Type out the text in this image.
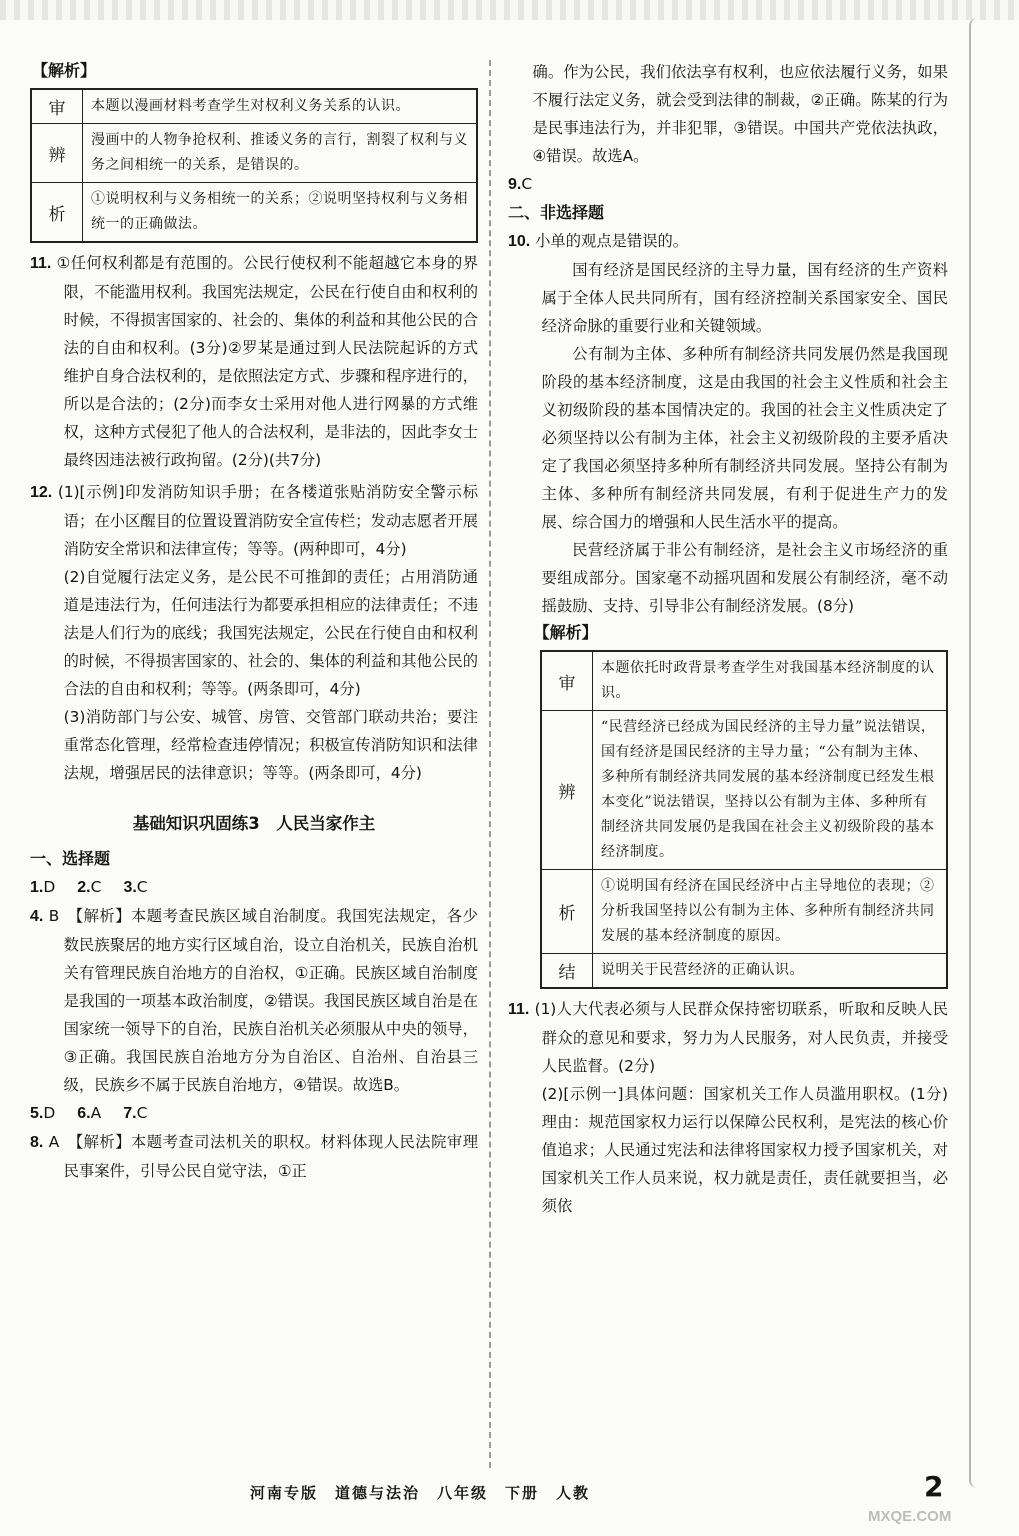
【解析】
审	本题以漫画材料考查学生对权利义务关系的认识。
辨	漫画中的人物争抢权利、推诿义务的言行，割裂了权利与义务之间相统一的关系，是错误的。
析	①说明权利与义务相统一的关系；②说明坚持权利与义务相统一的正确做法。

11. ①任何权利都是有范围的。公民行使权利不能超越它本身的界限，不能滥用权利。我国宪法规定，公民在行使自由和权利的时候，不得损害国家的、社会的、集体的利益和其他公民的合法的自由和权利。(3分)②罗某是通过到人民法院起诉的方式维护自身合法权利的，是依照法定方式、步骤和程序进行的，所以是合法的；(2分)而李女士采用对他人进行网暴的方式维权，这种方式侵犯了他人的合法权利，是非法的，因此李女士最终因违法被行政拘留。(2分)(共7分)

12. (1)[示例]印发消防知识手册；在各楼道张贴消防安全警示标语；在小区醒目的位置设置消防安全宣传栏；发动志愿者开展消防安全常识和法律宣传；等等。(两种即可，4分)

(2)自觉履行法定义务，是公民不可推卸的责任；占用消防通道是违法行为，任何违法行为都要承担相应的法律责任；不违法是人们行为的底线；我国宪法规定，公民在行使自由和权利的时候，不得损害国家的、社会的、集体的利益和其他公民的合法的自由和权利；等等。(两条即可，4分)

(3)消防部门与公安、城管、房管、交管部门联动共治；要注重常态化管理，经常检查违停情况；积极宣传消防知识和法律法规，增强居民的法律意识；等等。(两条即可，4分)

基础知识巩固练3　人民当家作主

一、选择题

1.D 2.C 3.C

4. B　【解析】本题考查民族区域自治制度。我国宪法规定，各少数民族聚居的地方实行区域自治，设立自治机关，民族自治机关有管理民族自治地方的自治权，①正确。民族区域自治制度是我国的一项基本政治制度，②错误。我国民族区域自治是在国家统一领导下的自治，民族自治机关必须服从中央的领导，③正确。我国民族自治地方分为自治区、自治州、自治县三级，民族乡不属于民族自治地方，④错误。故选B。

5.D 6.A 7.C

8. A　【解析】本题考查司法机关的职权。材料体现人民法院审理民事案件，引导公民自觉守法，①正

确。作为公民，我们依法享有权利，也应依法履行义务，如果不履行法定义务，就会受到法律的制裁，②正确。陈某的行为是民事违法行为，并非犯罪，③错误。中国共产党依法执政，④错误。故选A。

9.C

二、非选择题

10. 小单的观点是错误的。

国有经济是国民经济的主导力量，国有经济的生产资料属于全体人民共同所有，国有经济控制关系国家安全、国民经济命脉的重要行业和关键领域。

公有制为主体、多种所有制经济共同发展仍然是我国现阶段的基本经济制度，这是由我国的社会主义性质和社会主义初级阶段的基本国情决定的。我国的社会主义性质决定了必须坚持以公有制为主体，社会主义初级阶段的主要矛盾决定了我国必须坚持多种所有制经济共同发展。坚持公有制为主体、多种所有制经济共同发展，有利于促进生产力的发展、综合国力的增强和人民生活水平的提高。

民营经济属于非公有制经济，是社会主义市场经济的重要组成部分。国家毫不动摇巩固和发展公有制经济，毫不动摇鼓励、支持、引导非公有制经济发展。(8分)

【解析】
审	本题依托时政背景考查学生对我国基本经济制度的认识。
辨	“民营经济已经成为国民经济的主导力量”说法错误，国有经济是国民经济的主导力量；“公有制为主体、多种所有制经济共同发展的基本经济制度已经发生根本变化”说法错误，坚持以公有制为主体、多种所有制经济共同发展仍是我国在社会主义初级阶段的基本经济制度。
析	①说明国有经济在国民经济中占主导地位的表现；②分析我国坚持以公有制为主体、多种所有制经济共同发展的基本经济制度的原因。
结	说明关于民营经济的正确认识。

11. (1)人大代表必须与人民群众保持密切联系，听取和反映人民群众的意见和要求，努力为人民服务，对人民负责，并接受人民监督。(2分)

(2)[示例一]具体问题：国家机关工作人员滥用职权。(1分)　理由：规范国家权力运行以保障公民权利，是宪法的核心价值追求；人民通过宪法和法律将国家权力授予国家机关，对国家机关工作人员来说，权力就是责任，责任就要担当，必须依

河南专版　道德与法治　八年级　下册　人教
MXQE.COM
2
